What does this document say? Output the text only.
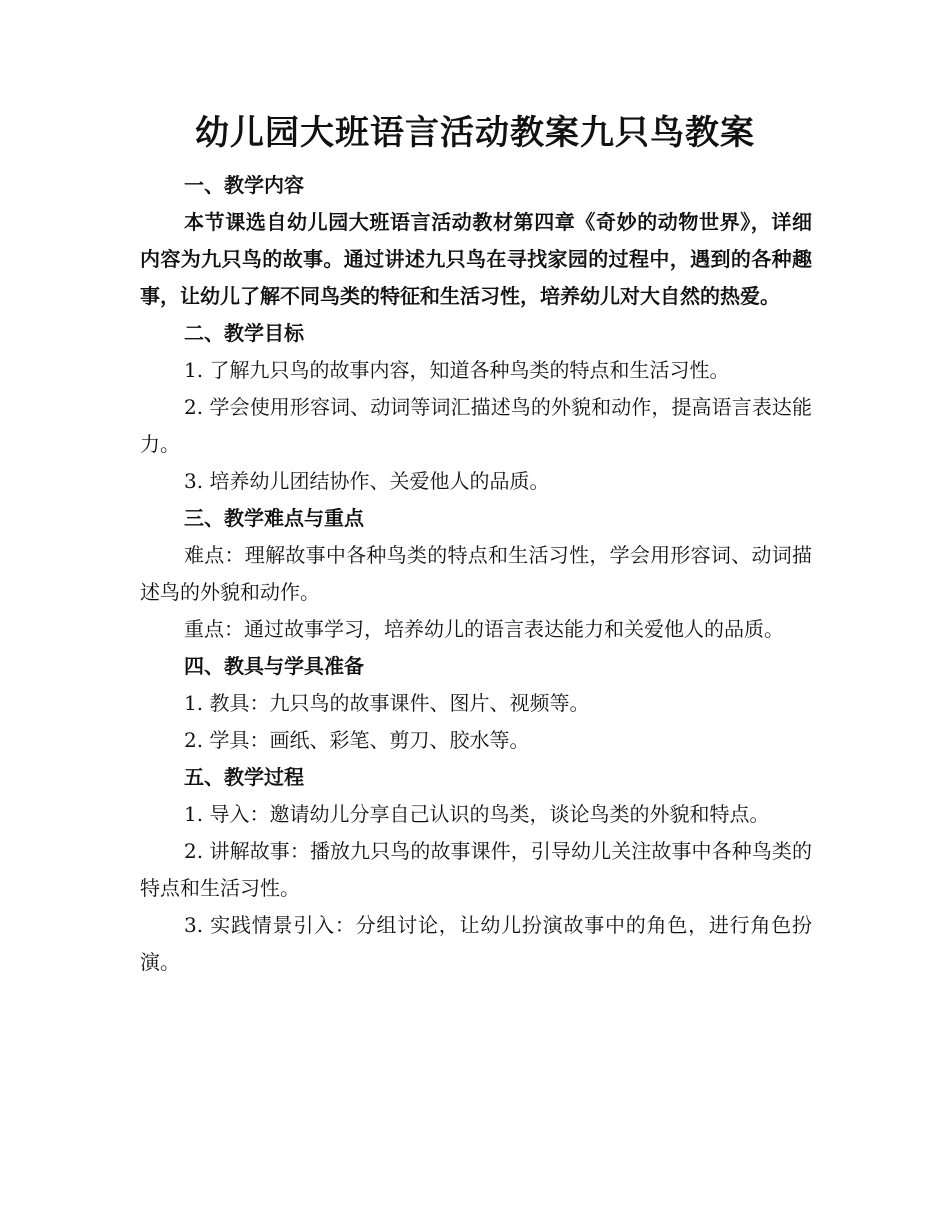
幼儿园大班语言活动教案九只鸟教案

一、教学内容

本节课选自幼儿园大班语言活动教材第四章《奇妙的动物世界》，详细内容为九只鸟的故事。通过讲述九只鸟在寻找家园的过程中，遇到的各种趣事，让幼儿了解不同鸟类的特征和生活习性，培养幼儿对大自然的热爱。

二、教学目标

1. 了解九只鸟的故事内容，知道各种鸟类的特点和生活习性。

2. 学会使用形容词、动词等词汇描述鸟的外貌和动作，提高语言表达能力。

3. 培养幼儿团结协作、关爱他人的品质。

三、教学难点与重点

难点：理解故事中各种鸟类的特点和生活习性，学会用形容词、动词描述鸟的外貌和动作。

重点：通过故事学习，培养幼儿的语言表达能力和关爱他人的品质。

四、教具与学具准备

1. 教具：九只鸟的故事课件、图片、视频等。

2. 学具：画纸、彩笔、剪刀、胶水等。

五、教学过程

1. 导入：邀请幼儿分享自己认识的鸟类，谈论鸟类的外貌和特点。

2. 讲解故事：播放九只鸟的故事课件，引导幼儿关注故事中各种鸟类的特点和生活习性。

3. 实践情景引入：分组讨论，让幼儿扮演故事中的角色，进行角色扮演。
